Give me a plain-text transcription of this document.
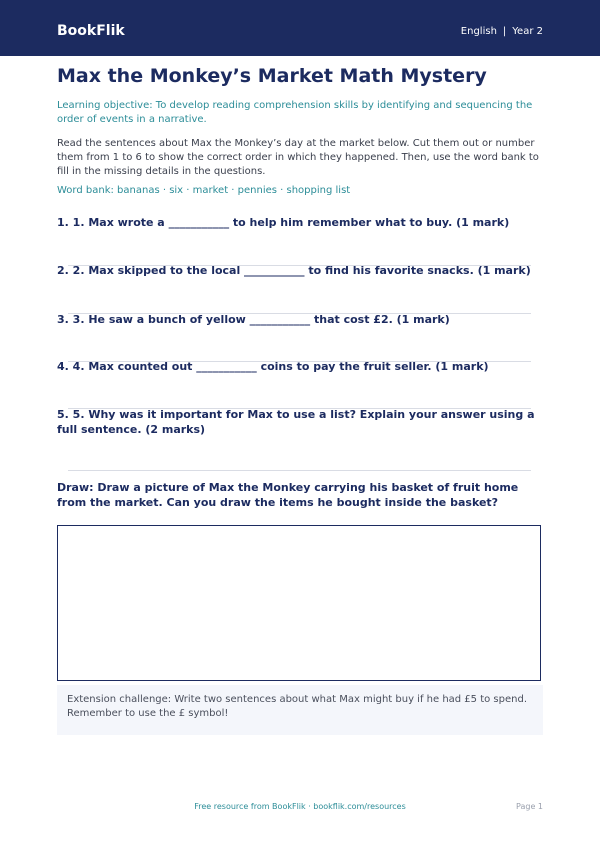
BookFlik	English | Year 2
Max the Monkey’s Market Math Mystery

Learning objective: To develop reading comprehension skills by identifying and sequencing the order of events in a narrative.

Read the sentences about Max the Monkey’s day at the market below. Cut them out or number them from 1 to 6 to show the correct order in which they happened. Then, use the word bank to fill in the missing details in the questions.

Word bank: bananas · six · market · pennies · shopping list

1. 1. Max wrote a ___________ to help him remember what to buy. (1 mark)

2. 2. Max skipped to the local ___________ to find his favorite snacks. (1 mark)

3. 3. He saw a bunch of yellow ___________ that cost £2. (1 mark)

4. 4. Max counted out ___________ coins to pay the fruit seller. (1 mark)

5. 5. Why was it important for Max to use a list? Explain your answer using a full sentence. (2 marks)

Draw: Draw a picture of Max the Monkey carrying his basket of fruit home from the market. Can you draw the items he bought inside the basket?

Extension challenge: Write two sentences about what Max might buy if he had £5 to spend. Remember to use the £ symbol!
Free resource from BookFlik · bookflik.com/resources	Page 1
